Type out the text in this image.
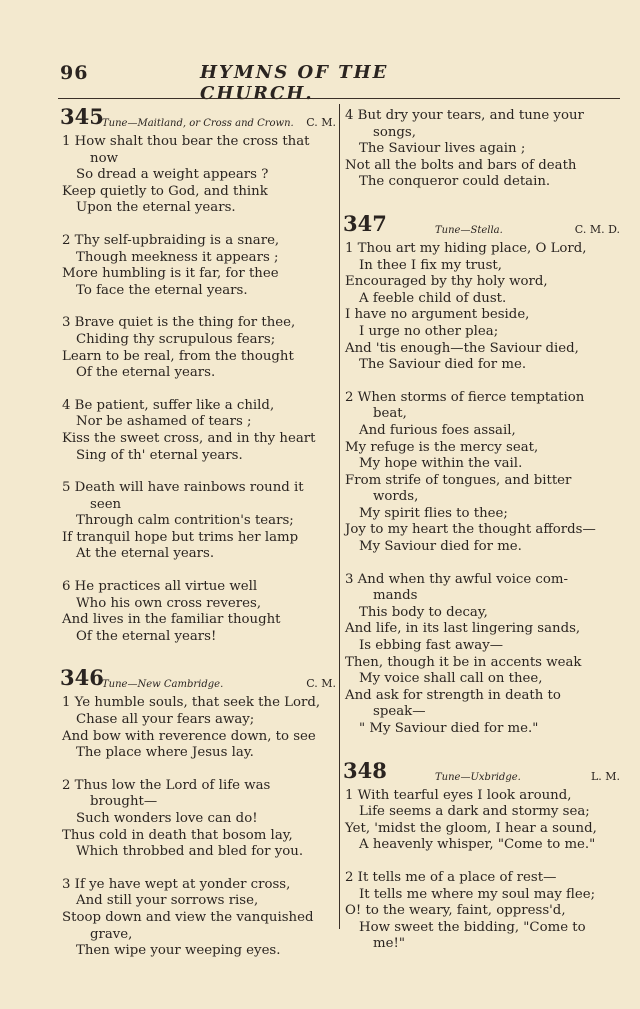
96	HYMNS OF THE CHURCH.
345
Tune—Maitland, or Cross and Crown. C. M.
1 How shalt thou bear the cross that
now
So dread a weight appears ?
Keep quietly to God, and think
Upon the eternal years.
2 Thy self-upbraiding is a snare,
Though meekness it appears ;
More humbling is it far, for thee
To face the eternal years.
3 Brave quiet is the thing for thee,
Chiding thy scrupulous fears;
Learn to be real, from the thought
Of the eternal years.
4 Be patient, suffer like a child,
Nor be ashamed of tears ;
Kiss the sweet cross, and in thy heart
Sing of th' eternal years.
5 Death will have rainbows round it
seen
Through calm contrition's tears;
If tranquil hope but trims her lamp
At the eternal years.
6 He practices all virtue well
Who his own cross reveres,
And lives in the familiar thought
Of the eternal years!
346
Tune—New Cambridge.	C. M.
1 Ye humble souls, that seek the Lord,
Chase all your fears away;
And bow with reverence down, to see
The place where Jesus lay.
2 Thus low the Lord of life was
brought—
Such wonders love can do!
Thus cold in death that bosom lay,
Which throbbed and bled for you.
3 If ye have wept at yonder cross,
And still your sorrows rise,
Stoop down and view the vanquished
grave,
Then wipe your weeping eyes.
4 But dry your tears, and tune your
songs,
The Saviour lives again ;
Not all the bolts and bars of death
The conqueror could detain.
347	Tune—Stella.	C. M. D.
1 Thou art my hiding place, O Lord,
In thee I fix my trust,
Encouraged by thy holy word,
A feeble child of dust.
I have no argument beside,
I urge no other plea;
And 'tis enough—the Saviour died,
The Saviour died for me.
2 When storms of fierce temptation
beat,
And furious foes assail,
My refuge is the mercy seat,
My hope within the vail.
From strife of tongues, and bitter
words,
My spirit flies to thee;
Joy to my heart the thought affords—
My Saviour died for me.
3 And when thy awful voice com-
mands
This body to decay,
And life, in its last lingering sands,
Is ebbing fast away—
Then, though it be in accents weak
My voice shall call on thee,
And ask for strength in death to
speak—
" My Saviour died for me."
348	Tune—Uxbridge.	L. M.
1 With tearful eyes I look around,
Life seems a dark and stormy sea;
Yet, 'midst the gloom, I hear a sound,
A heavenly whisper, "Come to me."
2 It tells me of a place of rest—
It tells me where my soul may flee;
O! to the weary, faint, oppress'd,
How sweet the bidding, "Come to
me!"
